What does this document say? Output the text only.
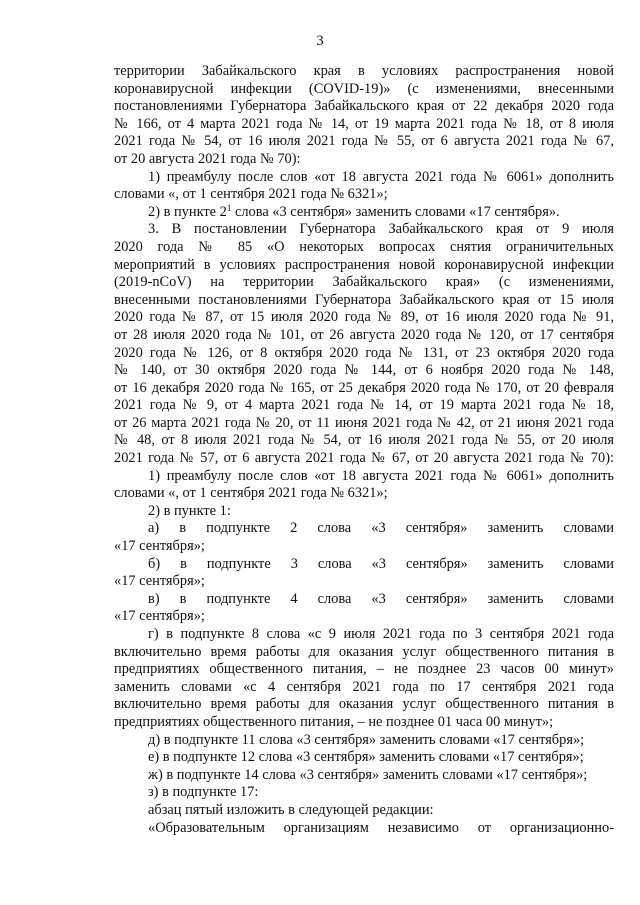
3

территории Забайкальского края в условиях распространения новой

коронавирусной инфекции (COVID-19)» (с изменениями, внесенными

постановлениями Губернатора Забайкальского края от 22 декабря 2020 года

№ 166, от 4 марта 2021 года № 14, от 19 марта 2021 года № 18, от 8 июля

2021 года № 54, от 16 июля 2021 года № 55, от 6 августа 2021 года № 67,

от 20 августа 2021 года № 70):

1) преамбулу после слов «от 18 августа 2021 года № 6061» дополнить

словами «, от 1 сентября 2021 года № 6321»;

2) в пункте $2^1$ слова «3 сентября» заменить словами «17 сентября».

3. В постановлении Губернатора Забайкальского края от 9 июля

2020 года № 85 «О некоторых вопросах снятия ограничительных

мероприятий в условиях распространения новой коронавирусной инфекции

(2019-nCoV) на территории Забайкальского края» (с изменениями,

внесенными постановлениями Губернатора Забайкальского края от 15 июля

2020 года № 87, от 15 июля 2020 года № 89, от 16 июля 2020 года № 91,

от 28 июля 2020 года № 101, от 26 августа 2020 года № 120, от 17 сентября

2020 года № 126, от 8 октября 2020 года № 131, от 23 октября 2020 года

№ 140, от 30 октября 2020 года № 144, от 6 ноября 2020 года № 148,

от 16 декабря 2020 года № 165, от 25 декабря 2020 года № 170, от 20 февраля

2021 года № 9, от 4 марта 2021 года № 14, от 19 марта 2021 года № 18,

от 26 марта 2021 года № 20, от 11 июня 2021 года № 42, от 21 июня 2021 года

№ 48, от 8 июля 2021 года № 54, от 16 июля 2021 года № 55, от 20 июля

2021 года № 57, от 6 августа 2021 года № 67, от 20 августа 2021 года № 70):

1) преамбулу после слов «от 18 августа 2021 года № 6061» дополнить

словами «, от 1 сентября 2021 года № 6321»;

2) в пункте 1:

а) в подпункте 2 слова «3 сентября» заменить словами

«17 сентября»;

б) в подпункте 3 слова «3 сентября» заменить словами

«17 сентября»;

в) в подпункте 4 слова «3 сентября» заменить словами

«17 сентября»;

г) в подпункте 8 слова «с 9 июля 2021 года по 3 сентября 2021 года

включительно время работы для оказания услуг общественного питания в

предприятиях общественного питания, – не позднее 23 часов 00 минут»

заменить словами «с 4 сентября 2021 года по 17 сентября 2021 года

включительно время работы для оказания услуг общественного питания в

предприятиях общественного питания, – не позднее 01 часа 00 минут»;

д) в подпункте 11 слова «3 сентября» заменить словами «17 сентября»;

е) в подпункте 12 слова «3 сентября» заменить словами «17 сентября»;

ж) в подпункте 14 слова «3 сентября» заменить словами «17 сентября»;

з) в подпункте 17:

абзац пятый изложить в следующей редакции:

«Образовательным организациям независимо от организационно-
